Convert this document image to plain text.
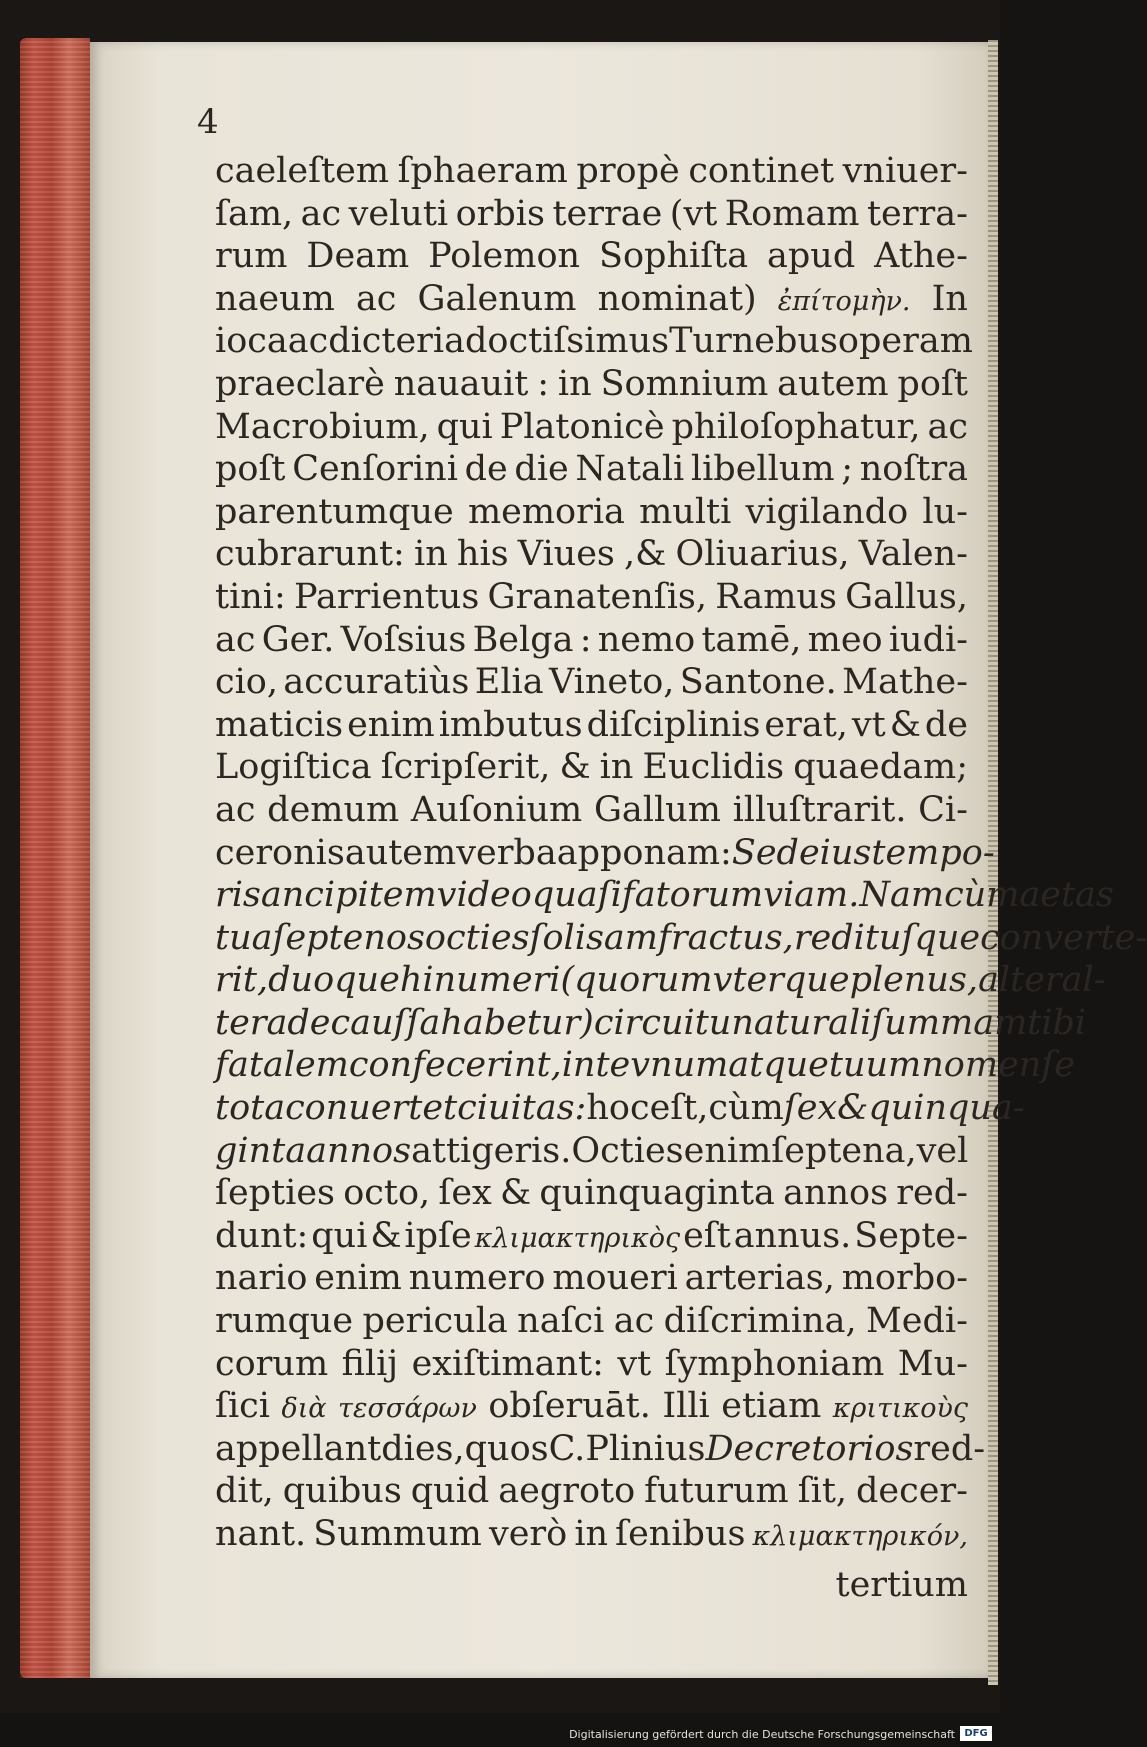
4
caeleſtem ſphaeram propè continet vniuer-
ſam, ac veluti orbis terrae (vt Romam terra-
rum Deam Polemon Sophiſta apud Athe-
naeum ac Galenum nominat) ἐπίτομὴν. In
ioca ac dicteria doctiſsimus Turnebus operam
praeclarè nauauit : in Somnium autem poſt
Macrobium, qui Platonicè philoſophatur, ac
poſt Cenſorini de die Natali libellum ; noſtra
parentumque memoria multi vigilando lu-
cubrarunt: in his Viues ,& Oliuarius, Valen-
tini: Parrientus Granatenſis, Ramus Gallus,
ac Ger. Voſsius Belga : nemo tamē, meo iudi-
cio, accuratiùs Elia Vineto, Santone. Mathe-
maticis enim imbutus diſciplinis erat, vt & de
Logiſtica ſcripſerit, & in Euclidis quaedam;
ac demum Auſonium Gallum illuſtrarit. Ci-
ceronis autem verba apponam: Sed eius tempo-
ris ancipitem video quaſi fatorum viam. Nam cùm aetas
tua ſeptenos octies ſolis amfractus, redituſque converte-
rit, duoque hi numeri (quorum vterque plenus, alter al-
tera de cauſſa habetur) circuitu naturali ſummam tibi
fatalem confecerint, in te vnum atque tuum nomen ſe
tota conuertet ciuitas: hoc eſt, cùm ſex & quinqua-
ginta annos attigeris. Octies enim ſeptena, vel
ſepties octo, ſex & quinquaginta annos red-
dunt: qui & ipſe κλιμακτηρικὸς eſt annus. Septe-
nario enim numero moueri arterias, morbo-
rumque pericula naſci ac diſcrimina, Medi-
corum filij exiſtimant: vt ſymphoniam Mu-
ſici διὰ τεσσάρων obſeruāt. Illi etiam κριτικοὺς
appellant dies, quos C. Plinius Decretorios red-
dit, quibus quid aegroto futurum ſit, decer-
nant. Summum verò in ſenibus κλιμακτηρικόν,
tertium
Digitalisierung gefördert durch die Deutsche Forschungsgemeinschaft DFG
